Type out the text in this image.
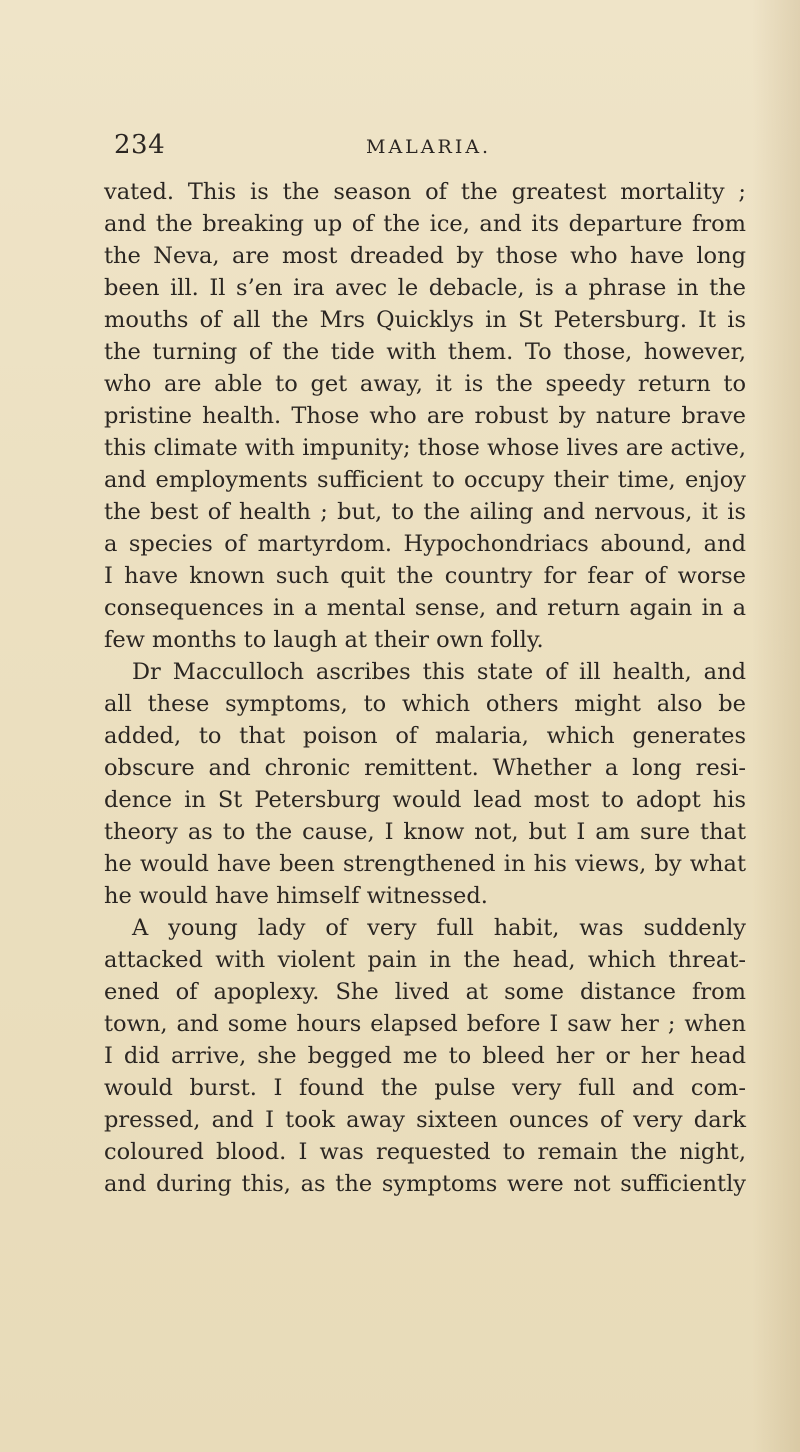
234	MALARIA.
vated. This is the season of the greatest mortality ;
and the breaking up of the ice, and its departure from
the Neva, are most dreaded by those who have long
been ill. Il s’en ira avec le debacle, is a phrase in the
mouths of all the Mrs Quicklys in St Petersburg. It is
the turning of the tide with them. To those, however,
who are able to get away, it is the speedy return to
pristine health. Those who are robust by nature brave
this climate with impunity; those whose lives are active,
and employments sufficient to occupy their time, enjoy
the best of health ; but, to the ailing and nervous, it is
a species of martyrdom. Hypochondriacs abound, and
I have known such quit the country for fear of worse
consequences in a mental sense, and return again in a
few months to laugh at their own folly.
Dr Macculloch ascribes this state of ill health, and
all these symptoms, to which others might also be
added, to that poison of malaria, which generates
obscure and chronic remittent. Whether a long resi-
dence in St Petersburg would lead most to adopt his
theory as to the cause, I know not, but I am sure that
he would have been strengthened in his views, by what
he would have himself witnessed.
A young lady of very full habit, was suddenly
attacked with violent pain in the head, which threat-
ened of apoplexy. She lived at some distance from
town, and some hours elapsed before I saw her ; when
I did arrive, she begged me to bleed her or her head
would burst. I found the pulse very full and com-
pressed, and I took away sixteen ounces of very dark
coloured blood. I was requested to remain the night,
and during this, as the symptoms were not sufficiently
